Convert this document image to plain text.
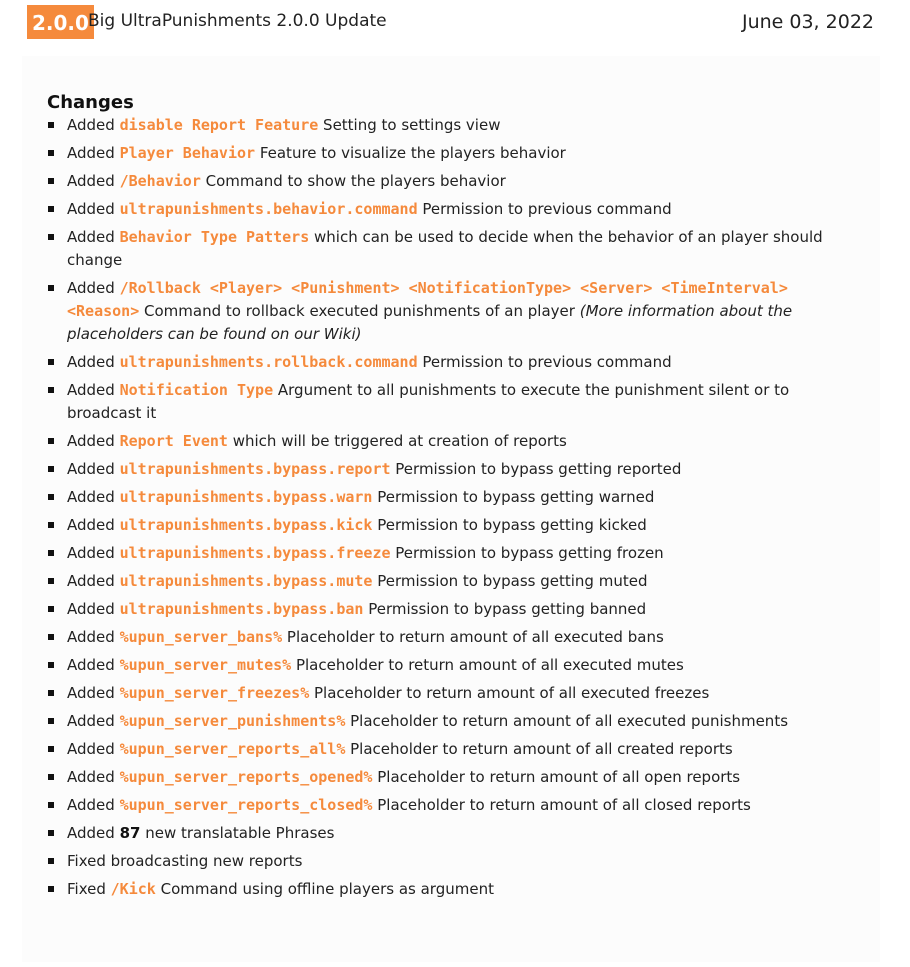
2.0.0 Big UltraPunishments 2.0.0 Update	June 03, 2022
Changes
Added disable Report Feature Setting to settings view
Added Player Behavior Feature to visualize the players behavior
Added /Behavior Command to show the players behavior
Added ultrapunishments.behavior.command Permission to previous command
Added Behavior Type Patters which can be used to decide when the behavior of an player should change
Added /Rollback <Player> <Punishment> <NotificationType> <Server> <TimeInterval> <Reason> Command to rollback executed punishments of an player (More information about the placeholders can be found on our Wiki)
Added ultrapunishments.rollback.command Permission to previous command
Added Notification Type Argument to all punishments to execute the punishment silent or to broadcast it
Added Report Event which will be triggered at creation of reports
Added ultrapunishments.bypass.report Permission to bypass getting reported
Added ultrapunishments.bypass.warn Permission to bypass getting warned
Added ultrapunishments.bypass.kick Permission to bypass getting kicked
Added ultrapunishments.bypass.freeze Permission to bypass getting frozen
Added ultrapunishments.bypass.mute Permission to bypass getting muted
Added ultrapunishments.bypass.ban Permission to bypass getting banned
Added %upun_server_bans% Placeholder to return amount of all executed bans
Added %upun_server_mutes% Placeholder to return amount of all executed mutes
Added %upun_server_freezes% Placeholder to return amount of all executed freezes
Added %upun_server_punishments% Placeholder to return amount of all executed punishments
Added %upun_server_reports_all% Placeholder to return amount of all created reports
Added %upun_server_reports_opened% Placeholder to return amount of all open reports
Added %upun_server_reports_closed% Placeholder to return amount of all closed reports
Added 87 new translatable Phrases
Fixed broadcasting new reports
Fixed /Kick Command using offline players as argument
